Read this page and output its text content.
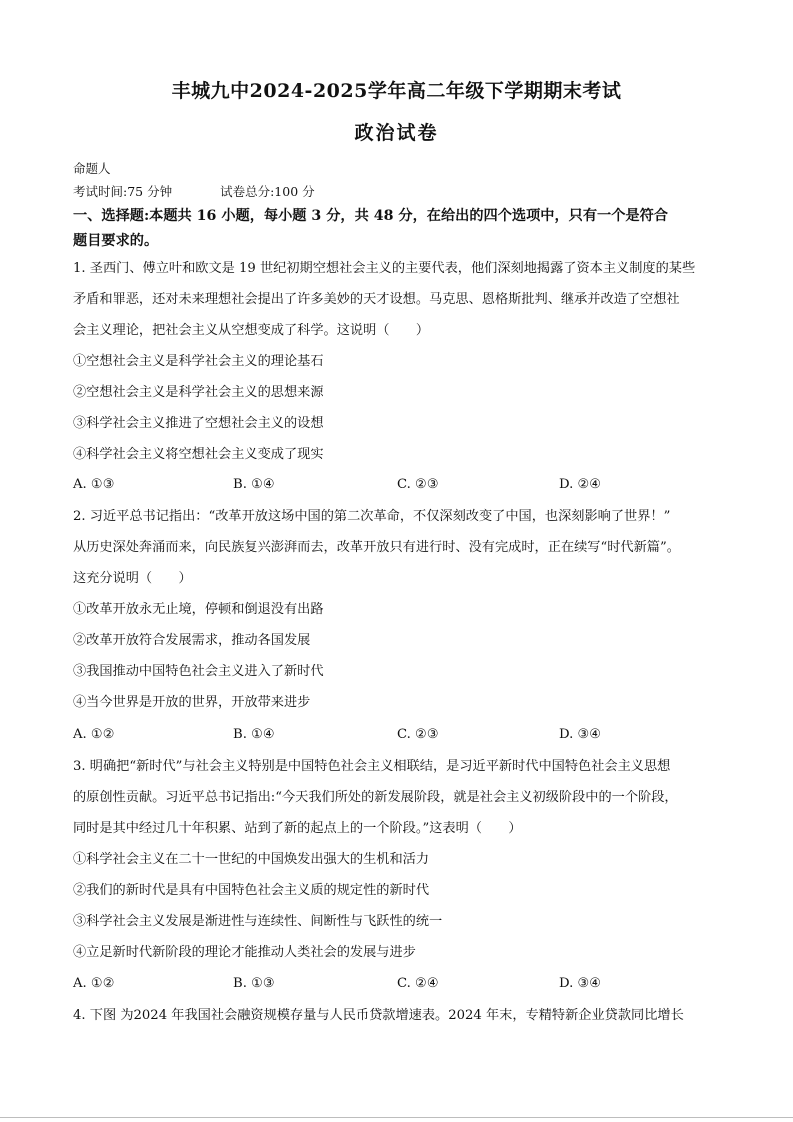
丰城九中2024-2025学年高二年级下学期期末考试
政治试卷
命题人
考试时间:75 分钟	试卷总分:100 分
一、选择题:本题共 16 小题，每小题 3 分，共 48 分，在给出的四个选项中，只有一个是符合
题目要求的。
1. 圣西门、傅立叶和欧文是 19 世纪初期空想社会主义的主要代表，他们深刻地揭露了资本主义制度的某些
矛盾和罪恶，还对未来理想社会提出了许多美妙的天才设想。马克思、恩格斯批判、继承并改造了空想社
会主义理论，把社会主义从空想变成了科学。这说明（　　）
①空想社会主义是科学社会主义的理论基石
②空想社会主义是科学社会主义的思想来源
③科学社会主义推进了空想社会主义的设想
④科学社会主义将空想社会主义变成了现实
A. ①③	B. ①④	C. ②③	D. ②④
2. 习近平总书记指出：“改革开放这场中国的第二次革命，不仅深刻改变了中国，也深刻影响了世界！”
从历史深处奔涌而来，向民族复兴澎湃而去，改革开放只有进行时、没有完成时，正在续写“时代新篇”。
这充分说明（　　）
①改革开放永无止境，停顿和倒退没有出路
②改革开放符合发展需求，推动各国发展
③我国推动中国特色社会主义进入了新时代
④当今世界是开放的世界，开放带来进步
A. ①②	B. ①④	C. ②③	D. ③④
3. 明确把“新时代”与社会主义特别是中国特色社会主义相联结，是习近平新时代中国特色社会主义思想
的原创性贡献。习近平总书记指出:“今天我们所处的新发展阶段，就是社会主义初级阶段中的一个阶段，
同时是其中经过几十年积累、站到了新的起点上的一个阶段。”这表明（　　）
①科学社会主义在二十一世纪的中国焕发出强大的生机和活力
②我们的新时代是具有中国特色社会主义质的规定性的新时代
③科学社会主义发展是渐进性与连续性、间断性与飞跃性的统一
④立足新时代新阶段的理论才能推动人类社会的发展与进步
A. ①②	B. ①③	C. ②④	D. ③④
4. 下图 为2024 年我国社会融资规模存量与人民币贷款增速表。2024 年末，专精特新企业贷款同比增长
